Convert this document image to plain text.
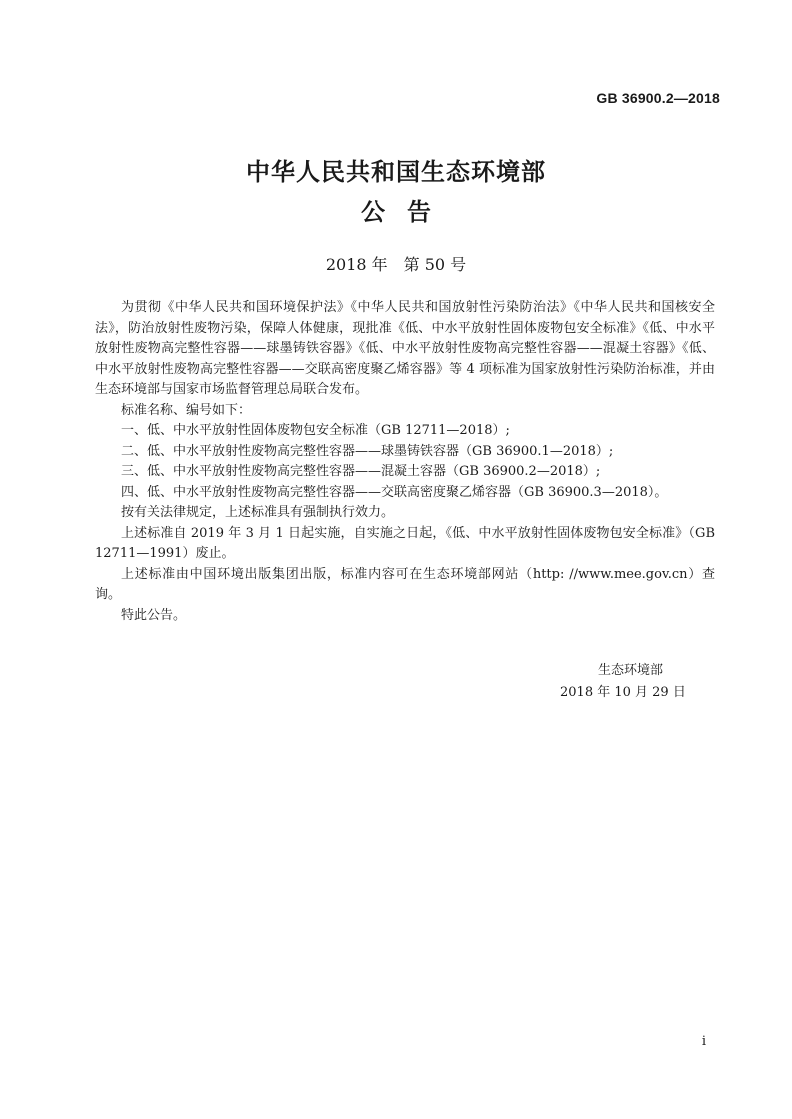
GB 36900.2—2018
中华人民共和国生态环境部
公告
2018 年　第 50 号

为贯彻《中华人民共和国环境保护法》《中华人民共和国放射性污染防治法》《中华人民共和国核安全法》，防治放射性废物污染，保障人体健康，现批准《低、中水平放射性固体废物包安全标准》《低、中水平放射性废物高完整性容器——球墨铸铁容器》《低、中水平放射性废物高完整性容器——混凝土容器》《低、中水平放射性废物高完整性容器——交联高密度聚乙烯容器》等 4 项标准为国家放射性污染防治标准，并由生态环境部与国家市场监督管理总局联合发布。

标准名称、编号如下：

一、低、中水平放射性固体废物包安全标准（GB 12711—2018）;

二、低、中水平放射性废物高完整性容器——球墨铸铁容器（GB 36900.1—2018）;

三、低、中水平放射性废物高完整性容器——混凝土容器（GB 36900.2—2018）;

四、低、中水平放射性废物高完整性容器——交联高密度聚乙烯容器（GB 36900.3—2018）。

按有关法律规定，上述标准具有强制执行效力。

上述标准自 2019 年 3 月 1 日起实施，自实施之日起，《低、中水平放射性固体废物包安全标准》（GB 12711—1991）废止。

上述标准由中国环境出版集团出版，标准内容可在生态环境部网站（http: //www.mee.gov.cn）查询。

特此公告。

生态环境部
2018 年 10 月 29 日
i
